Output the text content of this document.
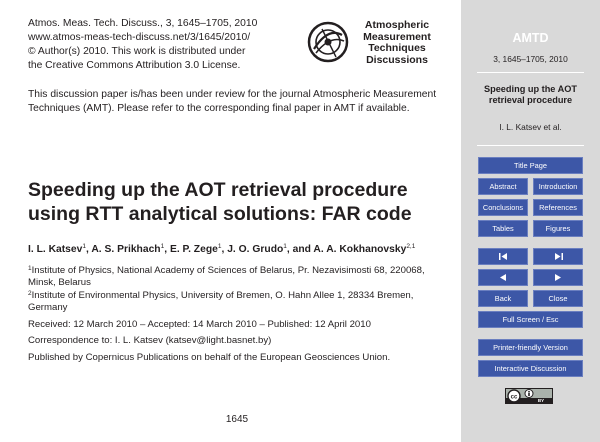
Atmos. Meas. Tech. Discuss., 3, 1645–1705, 2010
www.atmos-meas-tech-discuss.net/3/1645/2010/
© Author(s) 2010. This work is distributed under
the Creative Commons Attribution 3.0 License.
Atmospheric
Measurement
Techniques
Discussions
This discussion paper is/has been under review for the journal Atmospheric Measurement Techniques (AMT). Please refer to the corresponding final paper in AMT if available.
Speeding up the AOT retrieval procedure
using RTT analytical solutions: FAR code
I. L. Katsev$^1$, A. S. Prikhach$^1$, E. P. Zege$^1$, J. O. Grudo$^1$, and A. A. Kokhanovsky$^{2,1}$
$^1$Institute of Physics, National Academy of Sciences of Belarus, Pr. Nezavisimosti 68, 220068, Minsk, Belarus
$^2$Institute of Environmental Physics, University of Bremen, O. Hahn Allee 1, 28334 Bremen, Germany
Received: 12 March 2010 – Accepted: 14 March 2010 – Published: 12 April 2010
Correspondence to: I. L. Katsev (katsev@light.basnet.by)
Published by Copernicus Publications on behalf of the European Geosciences Union.
1645
AMTD
3, 1645–1705, 2010
Speeding up the AOT retrieval procedure
I. L. Katsev et al.
Title Page
Abstract	Introduction
Conclusions	References
Tables	Figures
Back	Close
Full Screen / Esc
Printer-friendly Version
Interactive Discussion
cc
BY
